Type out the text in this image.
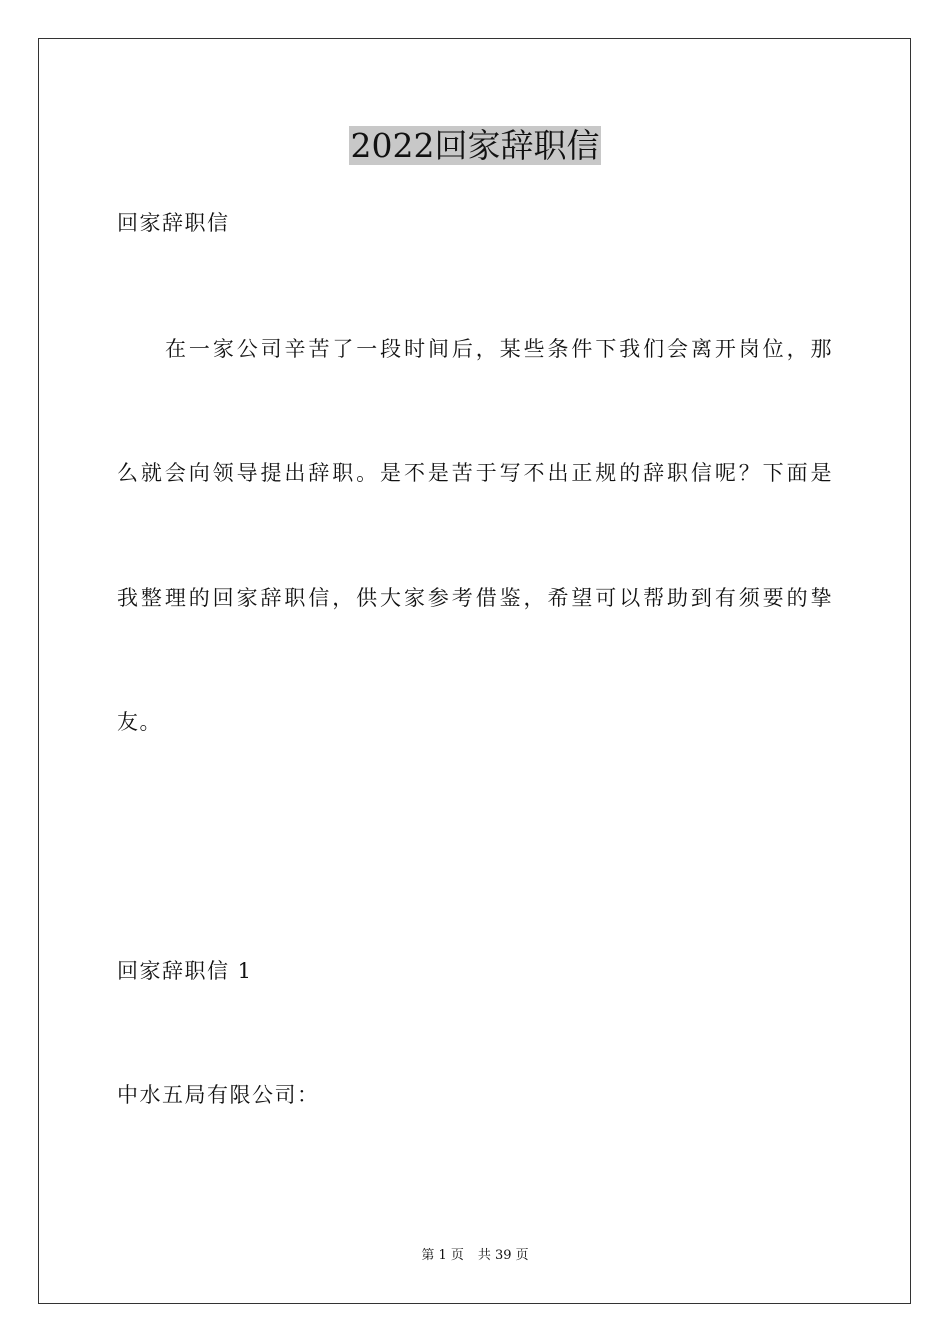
2022回家辞职信
回家辞职信
在一家公司辛苦了一段时间后，某些条件下我们会离开岗位，那
么就会向领导提出辞职。是不是苦于写不出正规的辞职信呢？下面是
我整理的回家辞职信，供大家参考借鉴，希望可以帮助到有须要的挚
友。
回家辞职信 1
中水五局有限公司：
第 1 页 共 39 页
